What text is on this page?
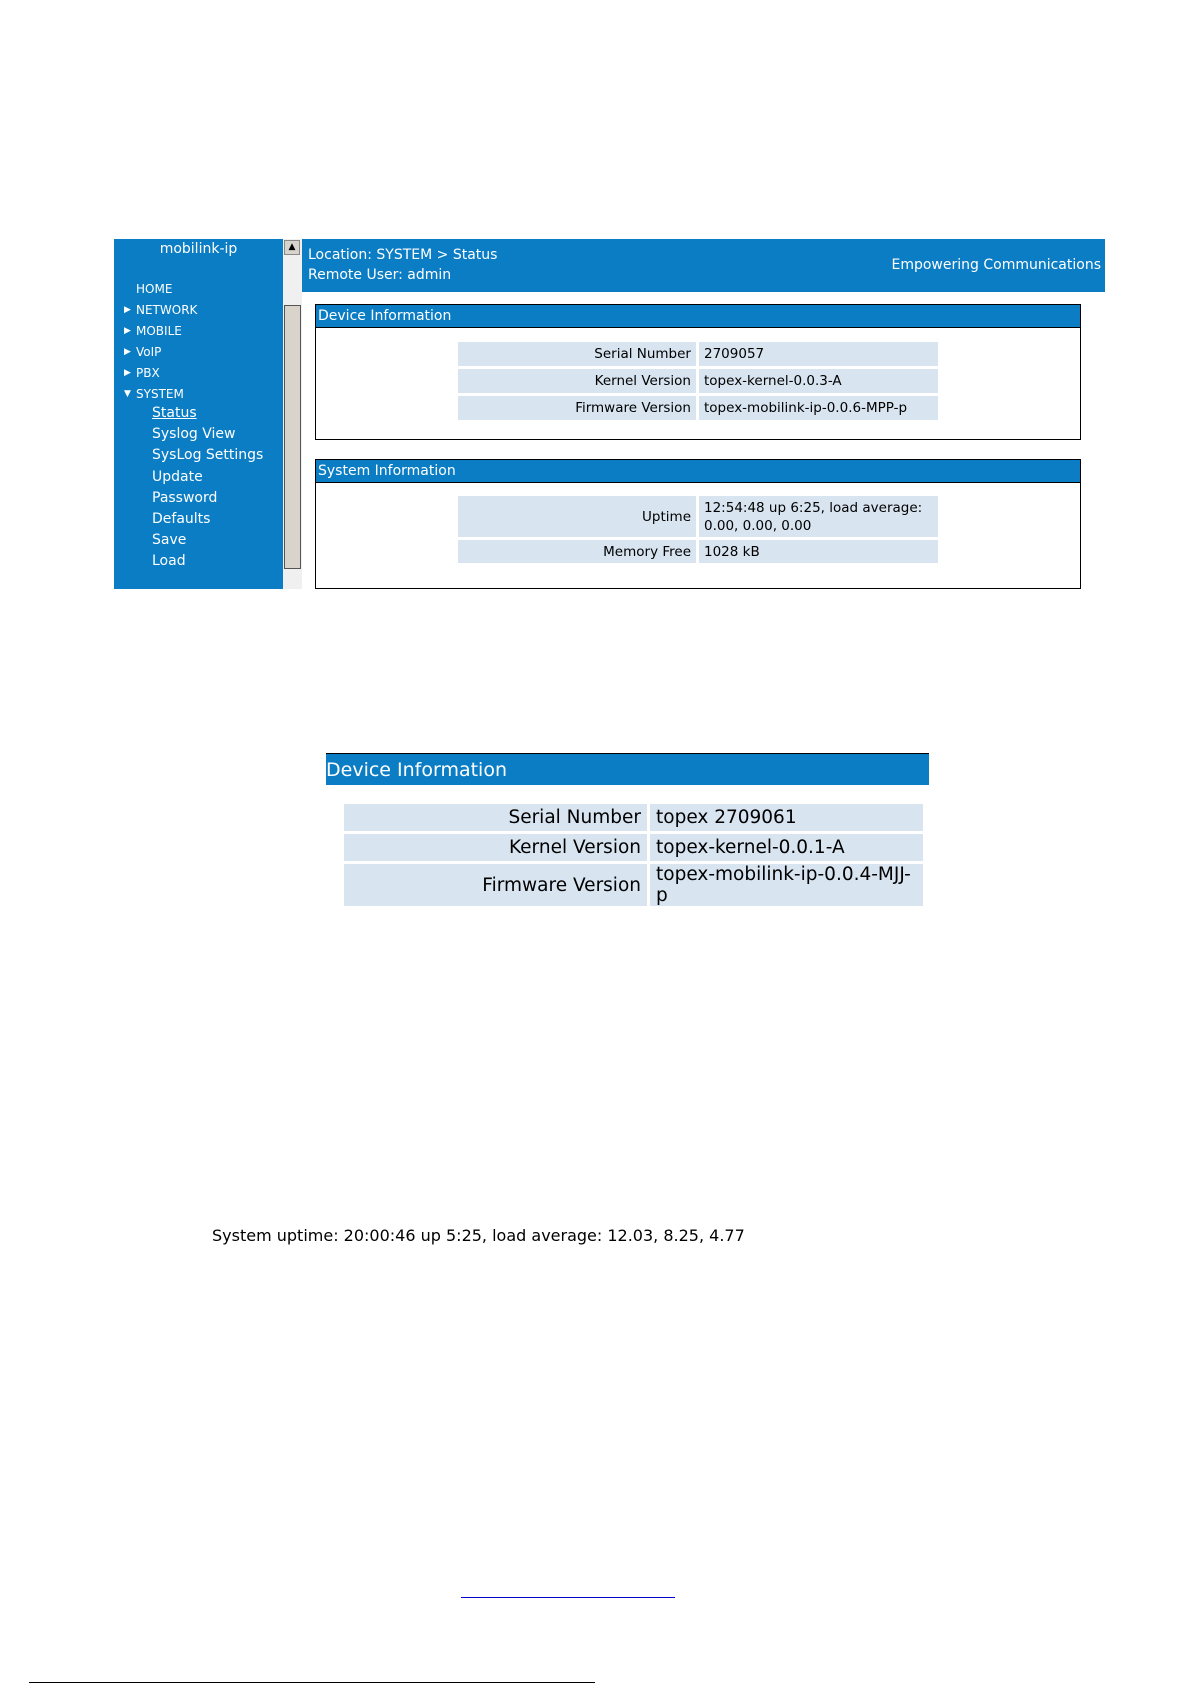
mobilink-ip
HOME
▶ NETWORK
▶ MOBILE
▶ VoIP
▶ PBX
▼ SYSTEM
Status
Syslog View
SysLog Settings
Update
Password
Defaults
Save
Load
▲ Location: SYSTEM > Status
Remote User: admin
Empowering Communications
Device Information
Serial Number	2709057
Kernel Version	topex-kernel-0.0.3-A
Firmware Version	topex-mobilink-ip-0.0.6-MPP-p
System Information
Uptime	12:54:48 up 6:25, load average: 0.00, 0.00, 0.00
Memory Free	1028 kB
Device Information
Serial Number	topex 2709061
Kernel Version	topex-kernel-0.0.1-A
Firmware Version	topex-mobilink-ip-0.0.4-MJJ-p
System uptime: 20:00:46 up 5:25, load average: 12.03, 8.25, 4.77
